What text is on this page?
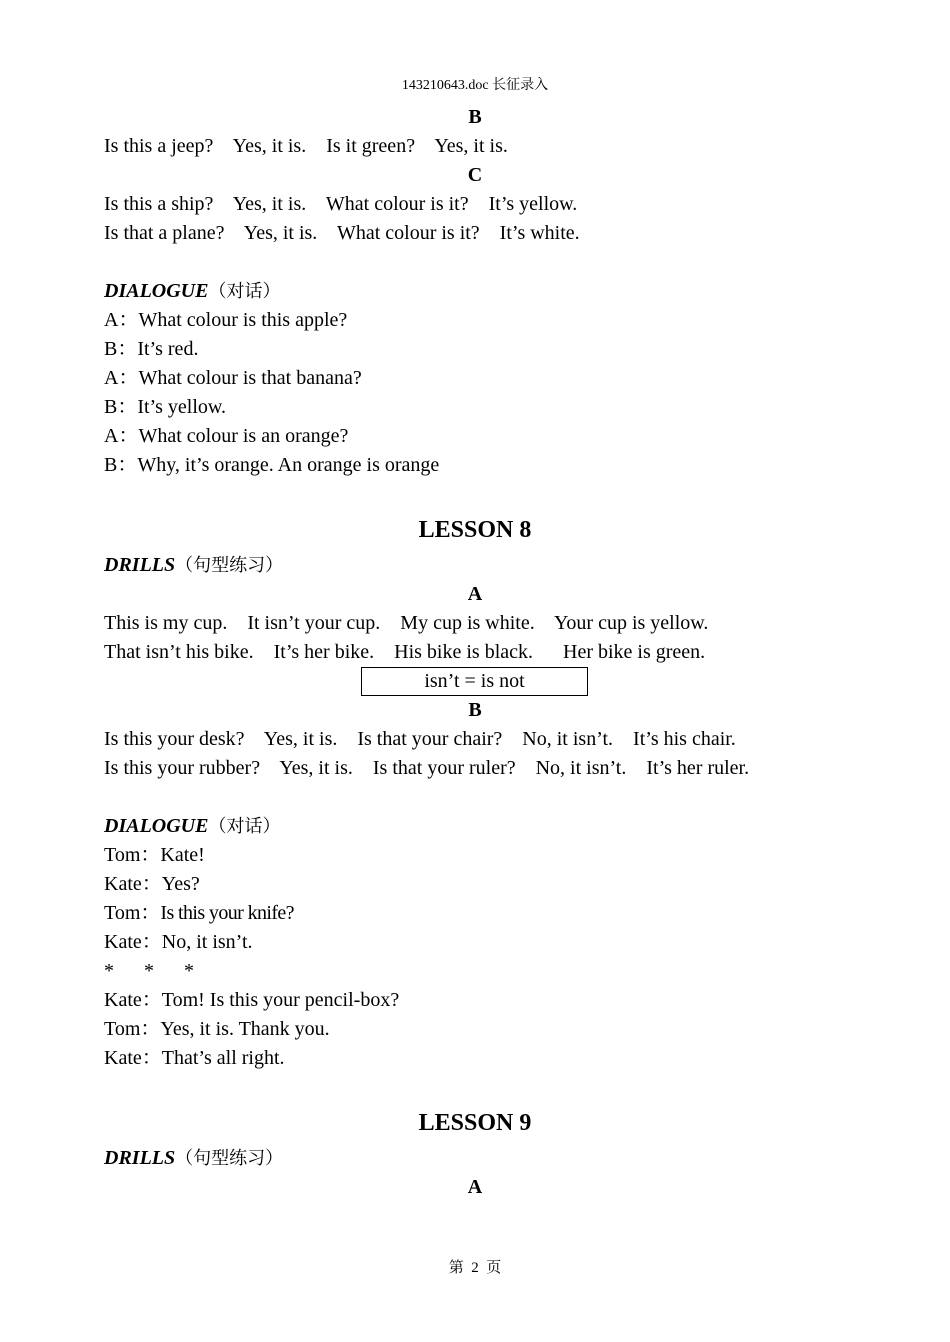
143210643.doc 长征录入
B
Is this a jeep?    Yes, it is.    Is it green?    Yes, it is.
C
Is this a ship?    Yes, it is.    What colour is it?    It’s yellow.
Is that a plane?    Yes, it is.    What colour is it?    It’s white.
DIALOGUE（对话）
A：What colour is this apple?
B：It’s red.
A：What colour is that banana?
B：It’s yellow.
A：What colour is an orange?
B：Why, it’s orange. An orange is orange
LESSON 8
DRILLS（句型练习）
A
This is my cup.    It isn’t your cup.    My cup is white.    Your cup is yellow.
That isn’t his bike.    It’s her bike.    His bike is black.      Her bike is green.
isn’t = is not
B
Is this your desk?    Yes, it is.    Is that your chair?    No, it isn’t.    It’s his chair.
Is this your rubber?    Yes, it is.    Is that your ruler?    No, it isn’t.    It’s her ruler.
DIALOGUE（对话）
Tom：Kate!
Kate：Yes?
Tom：Is this your knife?
Kate：No, it isn’t.
*      *      *
Kate：Tom! Is this your pencil-box?
Tom：Yes, it is. Thank you.
Kate：That’s all right.
LESSON 9
DRILLS（句型练习）
A
第  2  页
